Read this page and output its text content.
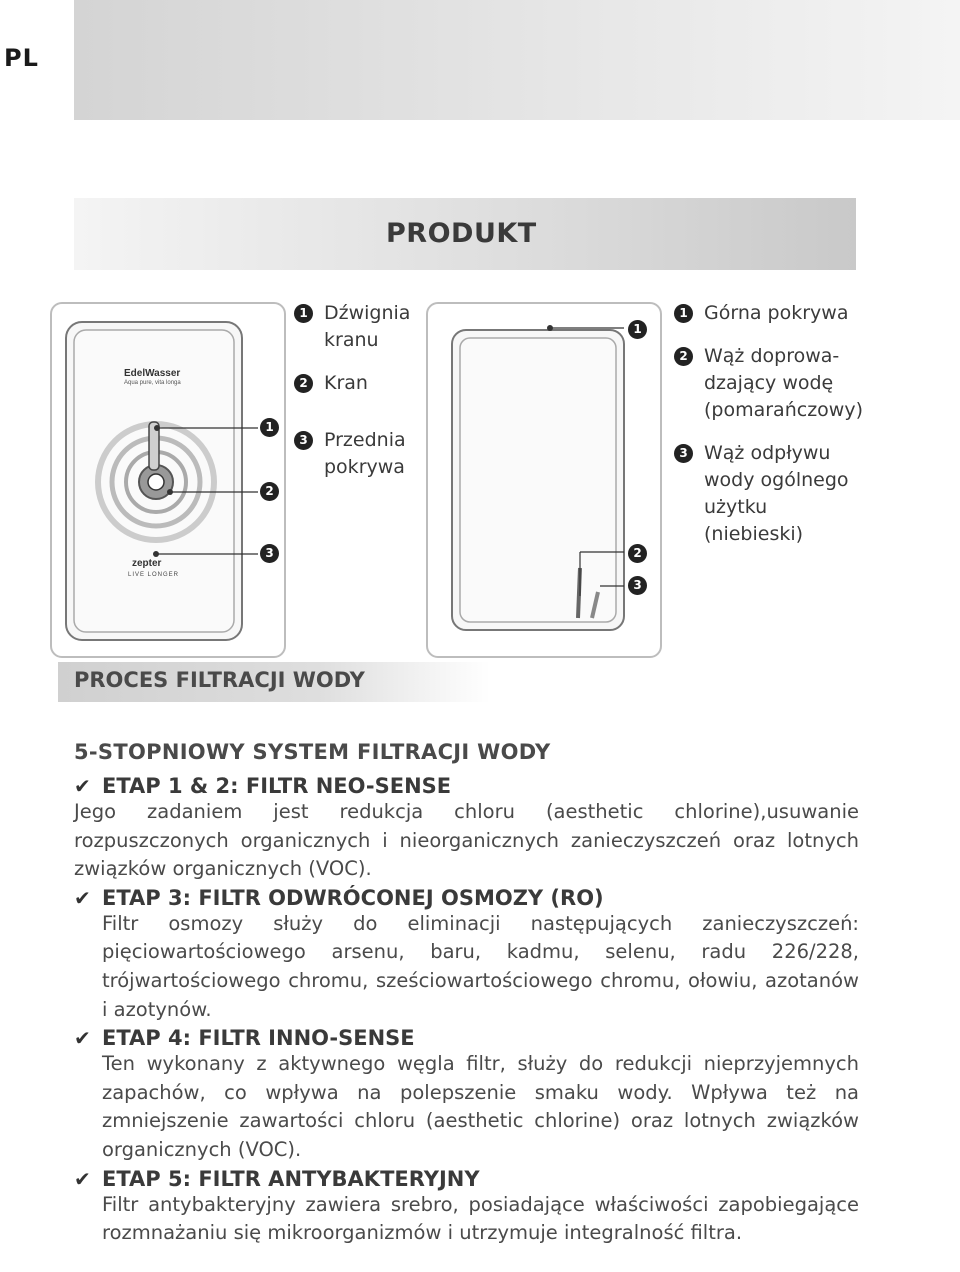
PL
PRODUKT
EdelWasser
Aqua pure, vita longa
zepter
LIVE LONGER
1
2
3
1 Dźwignia kranu
2 Kran
3 Przednia pokrywa
1
2
3
1 Górna pokrywa
2 Wąż doprowa- dzający wodę (pomarańczowy)
3 Wąż odpływu wody ogólnego użytku (niebieski)
PROCES FILTRACJI WODY
5-STOPNIOWY SYSTEM FILTRACJI WODY
✔ ETAP 1 & 2: FILTR NEO-SENSE
Jego zadaniem jest redukcja chloru (aesthetic chlorine),usuwanie rozpuszczonych organicznych i nieorganicznych zanieczyszczeń oraz lotnych związków organicznych (VOC).
✔ ETAP 3: FILTR ODWRÓCONEJ OSMOZY (RO)
Filtr osmozy służy do eliminacji następujących zanieczyszczeń: pięciowartościowego arsenu, baru, kadmu, selenu, radu 226/228, trójwartościowego chromu, sześciowartościowego chromu, ołowiu, azotanów i azotynów.
✔ ETAP 4: FILTR INNO-SENSE
Ten wykonany z aktywnego węgla filtr, służy do redukcji nieprzyjemnych zapachów, co wpływa na polepszenie smaku wody. Wpływa też na zmniejszenie zawartości chloru (aesthetic chlorine) oraz lotnych związków organicznych (VOC).
✔ ETAP 5: FILTR ANTYBAKTERYJNY
Filtr antybakteryjny zawiera srebro, posiadające właściwości zapobiegające rozmnażaniu się mikroorganizmów i utrzymuje integralność filtra.
